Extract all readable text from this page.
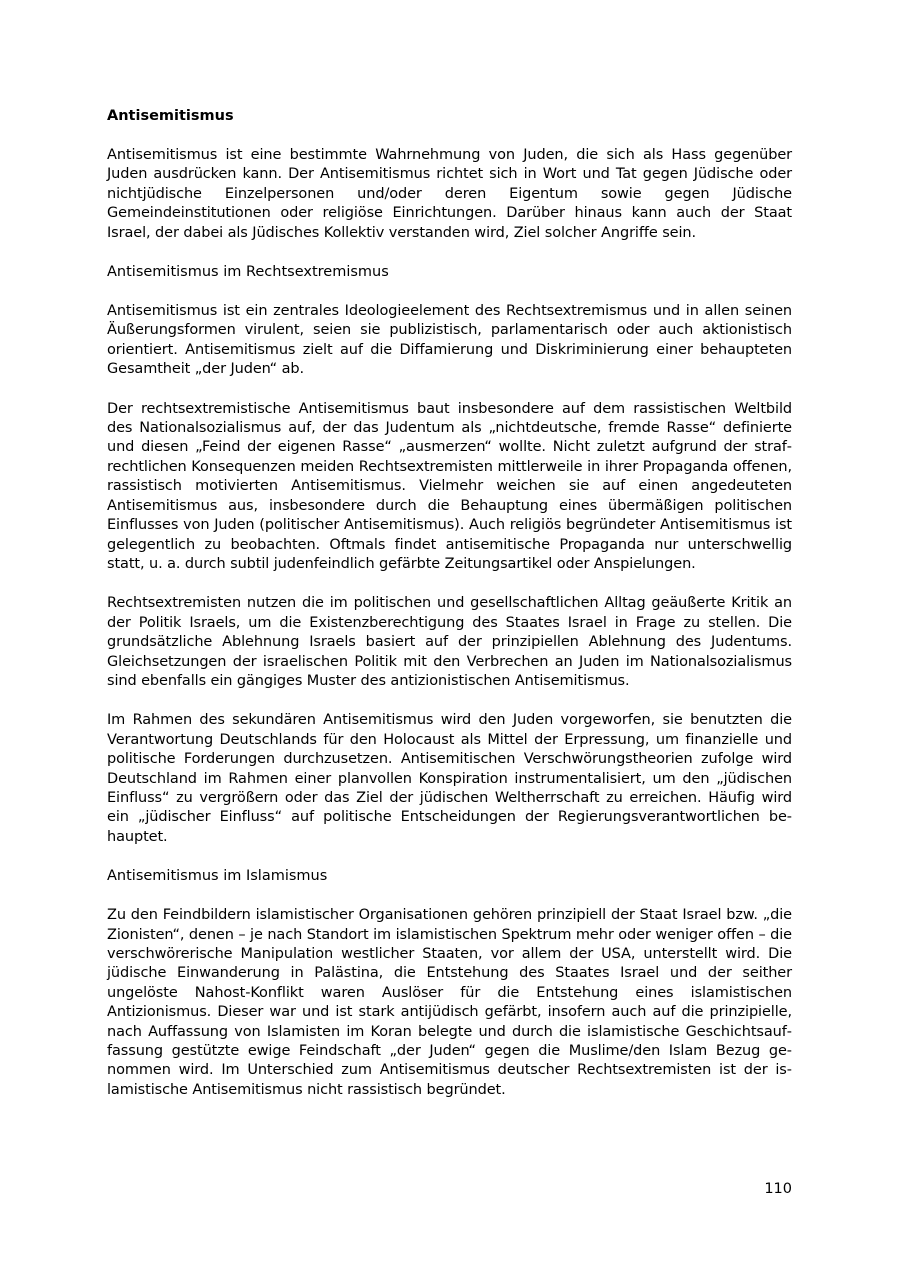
Antisemitismus
Antisemitismus ist eine bestimmte Wahrnehmung von Juden, die sich als Hass gegenüber Juden ausdrücken kann. Der Antisemitismus richtet sich in Wort und Tat gegen Jüdische oder nichtjüdische Einzelpersonen und/oder deren Eigentum sowie gegen Jüdische Gemeindeinstitutionen oder religiöse Einrichtungen. Darüber hinaus kann auch der Staat Israel, der dabei als Jüdisches Kollektiv verstanden wird, Ziel solcher Angriffe sein.
Antisemitismus im Rechtsextremismus
Antisemitismus ist ein zentrales Ideologieelement des Rechtsextremismus und in allen seinen Äußerungsformen virulent, seien sie publizistisch, parlamentarisch oder auch aktionistisch orientiert. Antisemitismus zielt auf die Diffamierung und Diskriminierung einer behaupteten Gesamtheit „der Juden“ ab.
Der rechtsextremistische Antisemitismus baut insbesondere auf dem rassistischen Weltbild des Nationalsozialismus auf, der das Judentum als „nichtdeutsche, fremde Rasse“ definierte und diesen „Feind der eigenen Rasse“ „ausmerzen“ wollte. Nicht zuletzt aufgrund der strafrechtlichen Konsequenzen meiden Rechtsextremisten mittlerweile in ihrer Propaganda offenen, rassistisch motivierten Antisemitismus. Vielmehr weichen sie auf einen angedeuteten Antisemitismus aus, insbesondere durch die Behauptung eines übermäßigen politischen Einflusses von Juden (politischer Antisemitismus). Auch religiös begründeter Antisemitismus ist gelegentlich zu beobachten. Oftmals findet antisemitische Propaganda nur unterschwellig statt, u. a. durch subtil judenfeindlich gefärbte Zeitungsartikel oder Anspielungen.
Rechtsextremisten nutzen die im politischen und gesellschaftlichen Alltag geäußerte Kritik an der Politik Israels, um die Existenzberechtigung des Staates Israel in Frage zu stellen. Die grundsätzliche Ablehnung Israels basiert auf der prinzipiellen Ablehnung des Judentums. Gleichsetzungen der israelischen Politik mit den Verbrechen an Juden im Nationalsozialismus sind ebenfalls ein gängiges Muster des antizionistischen Antisemitismus.
Im Rahmen des sekundären Antisemitismus wird den Juden vorgeworfen, sie benutzten die Verantwortung Deutschlands für den Holocaust als Mittel der Erpressung, um finanzielle und politische Forderungen durchzusetzen. Antisemitischen Verschwörungstheorien zufolge wird Deutschland im Rahmen einer planvollen Konspiration instrumentalisiert, um den „jüdischen Einfluss“ zu vergrößern oder das Ziel der jüdischen Weltherrschaft zu erreichen. Häufig wird ein „jüdischer Einfluss“ auf politische Entscheidungen der Regierungsverantwortlichen behauptet.
Antisemitismus im Islamismus
Zu den Feindbildern islamistischer Organisationen gehören prinzipiell der Staat Israel bzw. „die Zionisten“, denen – je nach Standort im islamistischen Spektrum mehr oder weniger offen – die verschwörerische Manipulation westlicher Staaten, vor allem der USA, unterstellt wird. Die jüdische Einwanderung in Palästina, die Entstehung des Staates Israel und der seither ungelöste Nahost-Konflikt waren Auslöser für die Entstehung eines islamistischen Antizionismus. Dieser war und ist stark antijüdisch gefärbt, insofern auch auf die prinzipielle, nach Auffassung von Islamisten im Koran belegte und durch die islamistische Geschichtsauffassung gestützte ewige Feindschaft „der Juden“ gegen die Muslime/den Islam Bezug genommen wird. Im Unterschied zum Antisemitismus deutscher Rechtsextremisten ist der islamistische Antisemitismus nicht rassistisch begründet.
110
